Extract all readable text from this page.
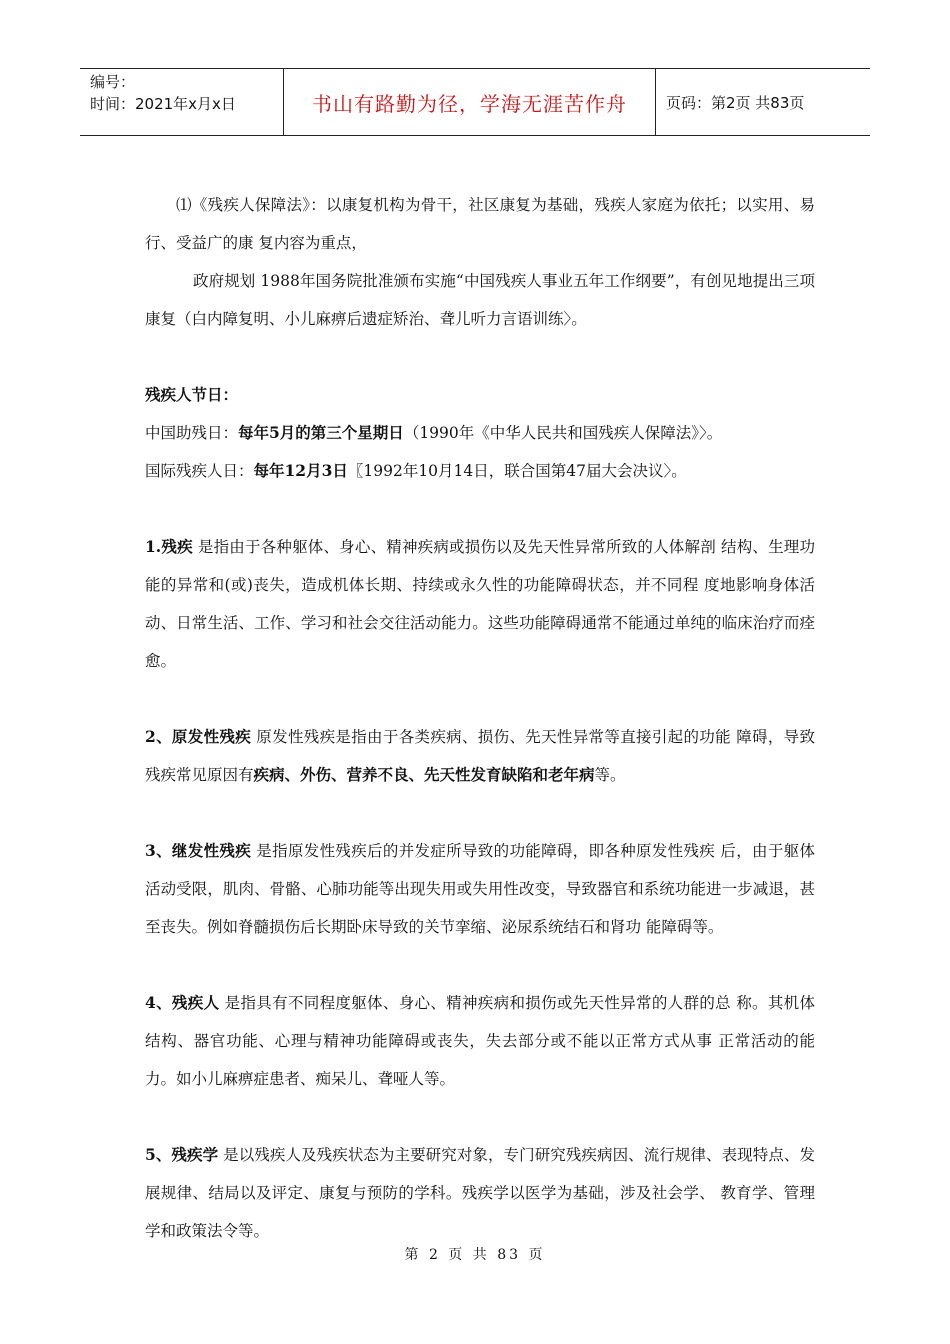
编号：
时间：2021年x月x日	书山有路勤为径，学海无涯苦作舟	页码：第2页 共83页

⑴《残疾人保障法》：以康复机构为骨干，社区康复为基础，残疾人家庭为依托；以实用、易行、受益广的康 复内容为重点，

政府规划 1988年国务院批准颁布实施“中国残疾人事业五年工作纲要”，有创见地提出三项康复（白内障复明、小儿麻痹后遗症矫治、聋儿听力言语训练〉。

残疾人节日：

中国助残日：每年5月的第三个星期日（1990年《中华人民共和国残疾人保障法》〉。

国际残疾人日：每年12月3日〖1992年10月14日，联合国第47届大会决议〉。

1.残疾 是指由于各种躯体、身心、精神疾病或损伤以及先天性异常所致的人体解剖 结构、生理功能的异常和(或)丧失，造成机体长期、持续或永久性的功能障碍状态，并不同程 度地影响身体活动、日常生活、工作、学习和社会交往活动能力。这些功能障碍通常不能通过单纯的临床治疗而痊愈。

2、原发性残疾 原发性残疾是指由于各类疾病、损伤、先天性异常等直接引起的功能 障碍，导致残疾常见原因有疾病、外伤、营养不良、先天性发育缺陷和老年病等。

3、继发性残疾 是指原发性残疾后的并发症所导致的功能障碍，即各种原发性残疾 后，由于躯体活动受限，肌肉、骨骼、心肺功能等出现失用或失用性改变，导致器官和系统功能进一步减退，甚至丧失。例如脊髓损伤后长期卧床导致的关节挛缩、泌尿系统结石和肾功 能障碍等。

4、残疾人 是指具有不同程度躯体、身心、精神疾病和损伤或先天性异常的人群的总 称。其机体结构、器官功能、心理与精神功能障碍或丧失，失去部分或不能以正常方式从事 正常活动的能力。如小儿麻痹症患者、痴呆儿、聋哑人等。

5、残疾学 是以残疾人及残疾状态为主要研究对象，专门研究残疾病因、流行规律、表现特点、发展规律、结局以及评定、康复与预防的学科。残疾学以医学为基础，涉及社会学、 教育学、管理学和政策法令等。

第 2 页 共 83 页
